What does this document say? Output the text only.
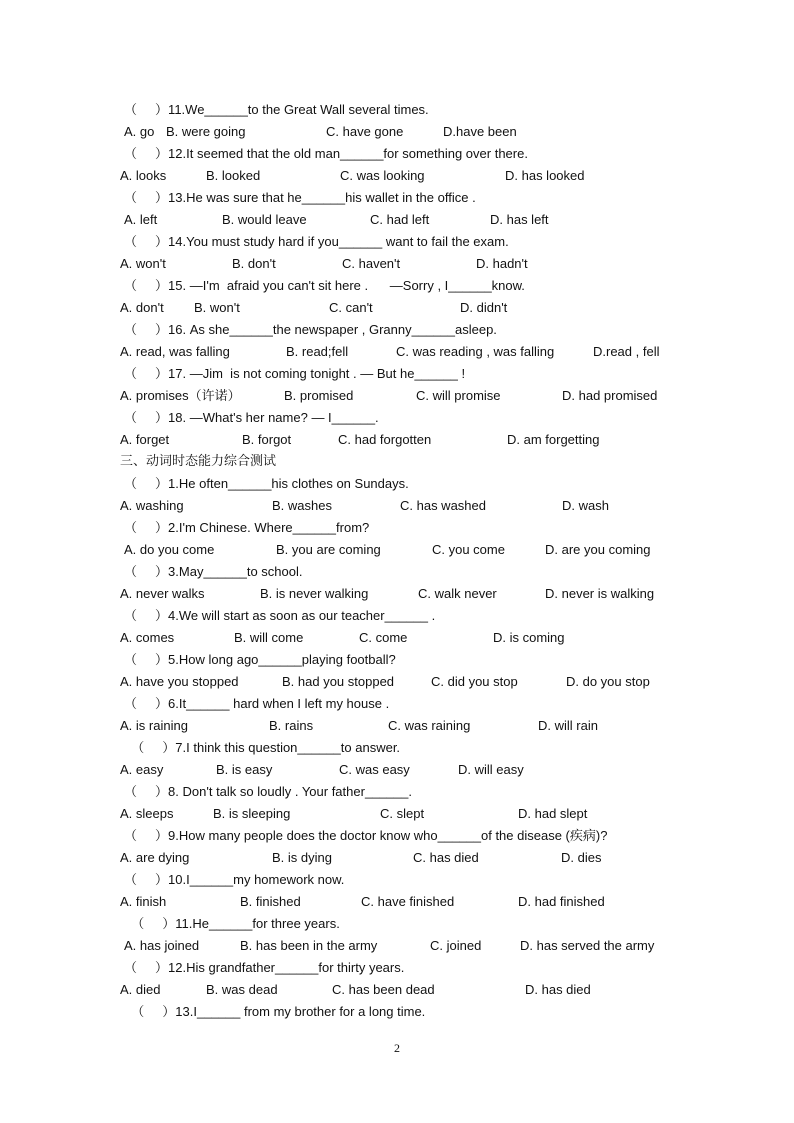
（     ）11.We______to the Great Wall several times.
A. go B. were going	C. have gone	D.have been
（     ）12.It seemed that the old man______for something over there.
A. looks	B. looked	C. was looking	D. has looked
（     ）13.He was sure that he______his wallet in the office .
A. left	B. would leave	C. had left	D. has left
（     ）14.You must study hard if you______ want to fail the exam.
A. won't	B. don't	C. haven't	D. hadn't
（     ）15. —I'm  afraid you can't sit here .      —Sorry , I______know.
A. don't B. won't	C. can't	D. didn't
（     ）16. As she______the newspaper , Granny______asleep.
A. read, was falling	B. read;fell	C. was reading , was falling	D.read , fell
（     ）17. —Jim  is not coming tonight . — But he______ !
A. promises（许诺）	B. promised	C. will promise	D. had promised
（     ）18. —What's her name? — I______.
A. forget	B. forgot	C. had forgotten	D. am forgetting
三、动词时态能力综合测试
（     ）1.He often______his clothes on Sundays.
A. washing	B. washes	C. has washed	D. wash
（     ）2.I'm Chinese. Where______from?
A. do you come	B. you are coming	C. you come	D. are you coming
（     ）3.May______to school.
A. never walks	B. is never walking	C. walk never	D. never is walking
（     ）4.We will start as soon as our teacher______ .
A. comes	B. will come	C. come	D. is coming
（     ）5.How long ago______playing football?
A. have you stopped	B. had you stopped	C. did you stop	D. do you stop
（     ）6.It______ hard when I left my house .
A. is raining	B. rains	C. was raining	D. will rain
（     ）7.I think this question______to answer.
A. easy	B. is easy	C. was easy	D. will easy
（     ）8. Don't talk so loudly . Your father______.
A. sleeps	B. is sleeping	C. slept	D. had slept
（     ）9.How many people does the doctor know who______of the disease (疾病)?
A. are dying	B. is dying	C. has died	D. dies
（     ）10.I______my homework now.
A. finish	B. finished	C. have finished	D. had finished
（     ）11.He______for three years.
A. has joined	B. has been in the army	C. joined	D. has served the army
（     ）12.His grandfather______for thirty years.
A. died	B. was dead	C. has been dead	D. has died
（     ）13.I______ from my brother for a long time.
2
